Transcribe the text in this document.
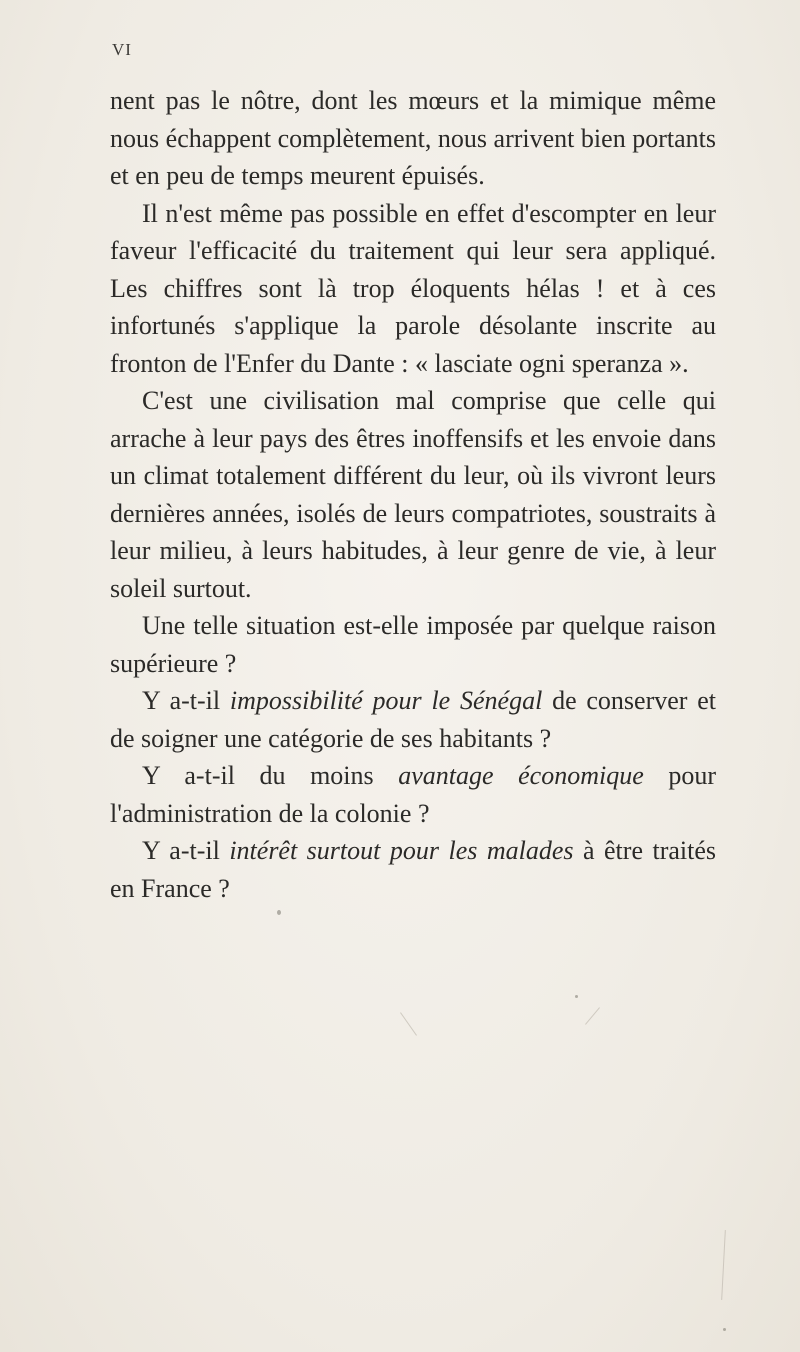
VI

nent pas le nôtre, dont les mœurs et la mimique même nous échappent complètement, nous arrivent bien portants et en peu de temps meurent épuisés.

Il n'est même pas possible en effet d'escompter en leur faveur l'efficacité du traitement qui leur sera appliqué. Les chiffres sont là trop éloquents hélas ! et à ces infortunés s'applique la parole désolante inscrite au fronton de l'Enfer du Dante : « lasciate ogni speranza ».

C'est une civilisation mal comprise que celle qui arrache à leur pays des êtres inoffensifs et les envoie dans un climat totalement différent du leur, où ils vivront leurs dernières années, isolés de leurs compatriotes, soustraits à leur milieu, à leurs habitudes, à leur genre de vie, à leur soleil surtout.

Une telle situation est-elle imposée par quelque raison supérieure ?

Y a-t-il impossibilité pour le Sénégal de conserver et de soigner une catégorie de ses habitants ?

Y a-t-il du moins avantage économique pour l'administration de la colonie ?

Y a-t-il intérêt surtout pour les malades à être traités en France ?
